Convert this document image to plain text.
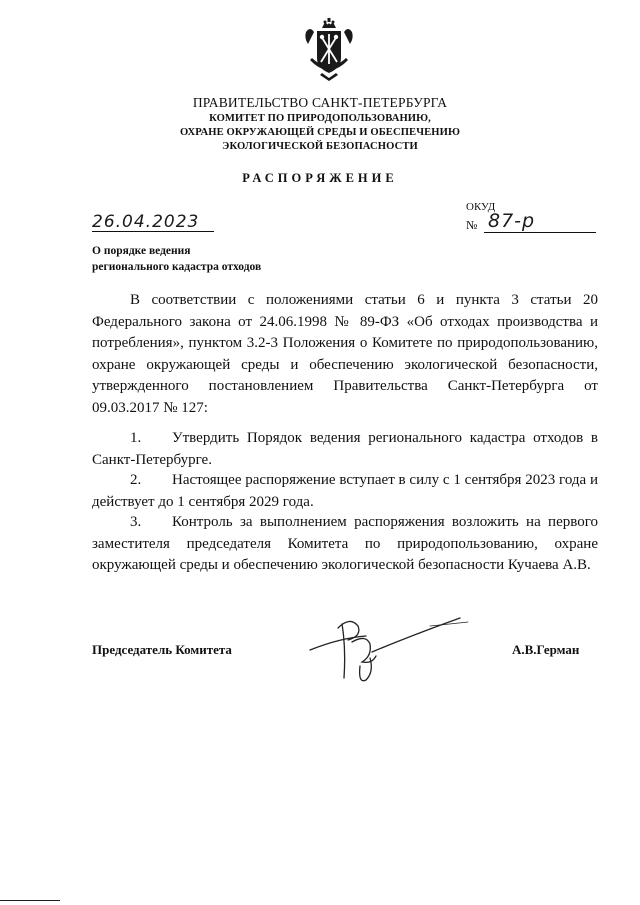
ПРАВИТЕЛЬСТВО САНКТ-ПЕТЕРБУРГА

КОМИТЕТ ПО ПРИРОДОПОЛЬЗОВАНИЮ,

ОХРАНЕ ОКРУЖАЮЩЕЙ СРЕДЫ И ОБЕСПЕЧЕНИЮ

ЭКОЛОГИЧЕСКОЙ БЕЗОПАСНОСТИ

РАСПОРЯЖЕНИЕ

26.04.2023

ОКУД

№ 87-р

О порядке ведения
регионального кадастра отходов

В соответствии с положениями статьи 6 и пункта 3 статьи 20 Федерального закона от 24.06.1998 № 89-ФЗ «Об отходах производства и потребления», пунктом 3.2-3 Положения о Комитете по природопользованию, охране окружающей среды и обеспечению экологической безопасности, утвержденного постановлением Правительства Санкт-Петербурга от 09.03.2017 № 127:

1. Утвердить Порядок ведения регионального кадастра отходов в Санкт-Петербурге.

2. Настоящее распоряжение вступает в силу с 1 сентября 2023 года и действует до 1 сентября 2029 года.

3. Контроль за выполнением распоряжения возложить на первого заместителя председателя Комитета по природопользованию, охране окружающей среды и обеспечению экологической безопасности Кучаева А.В.

Председатель Комитета	А.В.Герман
